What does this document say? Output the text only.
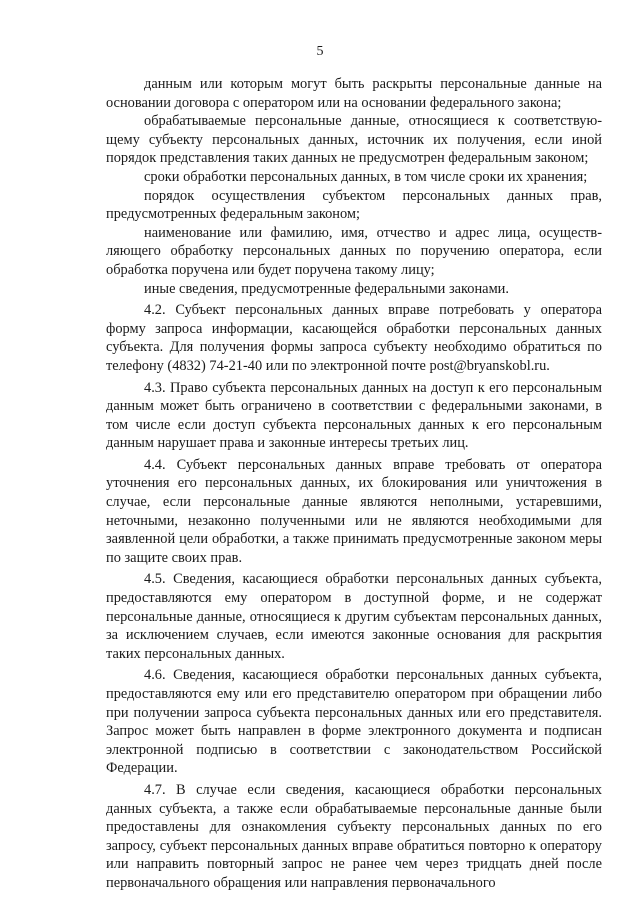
5

данным или которым могут быть раскрыты персональные данные на основании договора с оператором или на основании федерального закона;

обрабатываемые персональные данные, относящиеся к соответствующему субъекту персональных данных, источник их получения, если иной порядок представления таких данных не предусмотрен федеральным законом;

сроки обработки персональных данных, в том числе сроки их хранения;

порядок осуществления субъектом персональных данных прав, предусмотренных федеральным законом;

наименование или фамилию, имя, отчество и адрес лица, осуществляющего обработку персональных данных по поручению оператора, если обработка поручена или будет поручена такому лицу;

иные сведения, предусмотренные федеральными законами.

4.2. Субъект персональных данных вправе потребовать у оператора форму запроса информации, касающейся обработки персональных данных субъекта. Для получения формы запроса субъекту необходимо обратиться по телефону (4832) 74-21-40 или по электронной почте post@bryanskobl.ru.

4.3. Право субъекта персональных данных на доступ к его персональным данным может быть ограничено в соответствии с федеральными законами, в том числе если доступ субъекта персональных данных к его персональным данным нарушает права и законные интересы третьих лиц.

4.4. Субъект персональных данных вправе требовать от оператора уточнения его персональных данных, их блокирования или уничтожения в случае, если персональные данные являются неполными, устаревшими, неточными, незаконно полученными или не являются необходимыми для заявленной цели обработки, а также принимать предусмотренные законом меры по защите своих прав.

4.5. Сведения, касающиеся обработки персональных данных субъекта, предоставляются ему оператором в доступной форме, и не содержат персональные данные, относящиеся к другим субъектам персональных данных, за исключением случаев, если имеются законные основания для раскрытия таких персональных данных.

4.6. Сведения, касающиеся обработки персональных данных субъекта, предоставляются ему или его представителю оператором при обращении либо при получении запроса субъекта персональных данных или его представителя. Запрос может быть направлен в форме электронного документа и подписан электронной подписью в соответствии с законодательством Российской Федерации.

4.7. В случае если сведения, касающиеся обработки персональных данных субъекта, а также если обрабатываемые персональные данные были предоставлены для ознакомления субъекту персональных данных по его запросу, субъект персональных данных вправе обратиться повторно к оператору или направить повторный запрос не ранее чем через тридцать дней после первоначального обращения или направления первоначального
